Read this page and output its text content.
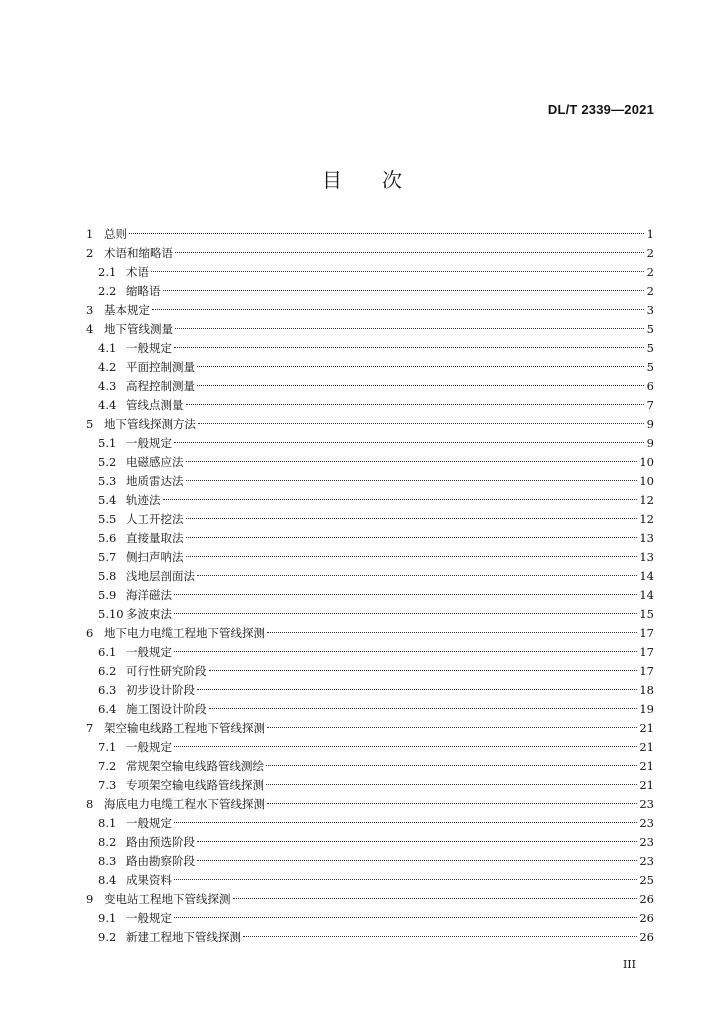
DL/T 2339—2021
目次
1 总则	1
2 术语和缩略语	2
2.1 术语	2
2.2 缩略语	2
3 基本规定	3
4 地下管线测量	5
4.1 一般规定	5
4.2 平面控制测量	5
4.3 高程控制测量	6
4.4 管线点测量	7
5 地下管线探测方法	9
5.1 一般规定	9
5.2 电磁感应法	10
5.3 地质雷达法	10
5.4 轨迹法	12
5.5 人工开挖法	12
5.6 直接量取法	13
5.7 侧扫声呐法	13
5.8 浅地层剖面法	14
5.9 海洋磁法	14
5.10 多波束法	15
6 地下电力电缆工程地下管线探测	17
6.1 一般规定	17
6.2 可行性研究阶段	17
6.3 初步设计阶段	18
6.4 施工图设计阶段	19
7 架空输电线路工程地下管线探测	21
7.1 一般规定	21
7.2 常规架空输电线路管线测绘	21
7.3 专项架空输电线路管线探测	21
8 海底电力电缆工程水下管线探测	23
8.1 一般规定	23
8.2 路由预选阶段	23
8.3 路由勘察阶段	23
8.4 成果资料	25
9 变电站工程地下管线探测	26
9.1 一般规定	26
9.2 新建工程地下管线探测	26
III
